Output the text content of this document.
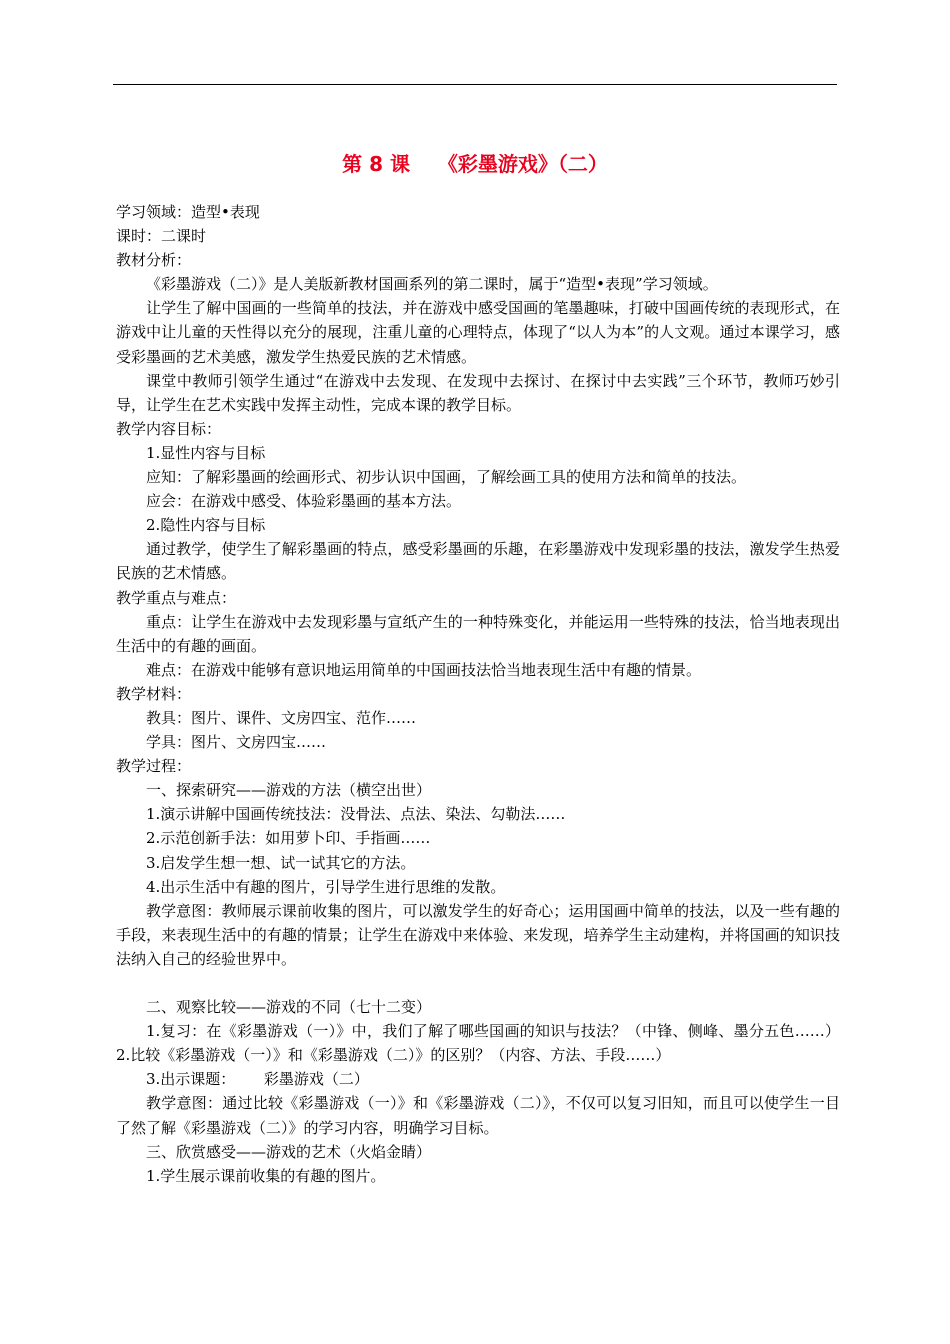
第 8 课    《彩墨游戏》（二）

学习领域：造型•表现

课时：二课时

教材分析：

《彩墨游戏（二）》是人美版新教材国画系列的第二课时，属于“造型•表现”学习领域。

让学生了解中国画的一些简单的技法，并在游戏中感受国画的笔墨趣味，打破中国画传统的表现形式，在游戏中让儿童的天性得以充分的展现，注重儿童的心理特点，体现了“以人为本”的人文观。通过本课学习，感受彩墨画的艺术美感，激发学生热爱民族的艺术情感。

课堂中教师引领学生通过“在游戏中去发现、在发现中去探讨、在探讨中去实践”三个环节，教师巧妙引导，让学生在艺术实践中发挥主动性，完成本课的教学目标。

教学内容目标：

1.显性内容与目标

应知：了解彩墨画的绘画形式、初步认识中国画，了解绘画工具的使用方法和简单的技法。

应会：在游戏中感受、体验彩墨画的基本方法。

2.隐性内容与目标

通过教学，使学生了解彩墨画的特点，感受彩墨画的乐趣，在彩墨游戏中发现彩墨的技法，激发学生热爱民族的艺术情感。

教学重点与难点：

重点：让学生在游戏中去发现彩墨与宣纸产生的一种特殊变化，并能运用一些特殊的技法，恰当地表现出生活中的有趣的画面。

难点：在游戏中能够有意识地运用简单的中国画技法恰当地表现生活中有趣的情景。

教学材料：

教具：图片、课件、文房四宝、范作……

学具：图片、文房四宝……

教学过程：

一、探索研究——游戏的方法（横空出世）

1.演示讲解中国画传统技法：没骨法、点法、染法、勾勒法……

2.示范创新手法：如用萝卜印、手指画……

3.启发学生想一想、试一试其它的方法。

4.出示生活中有趣的图片，引导学生进行思维的发散。

教学意图：教师展示课前收集的图片，可以激发学生的好奇心；运用国画中简单的技法，以及一些有趣的手段，来表现生活中的有趣的情景；让学生在游戏中来体验、来发现，培养学生主动建构，并将国画的知识技法纳入自己的经验世界中。

二、观察比较——游戏的不同（七十二变）

1.复习：在《彩墨游戏（一）》中，我们了解了哪些国画的知识与技法？（中锋、侧峰、墨分五色……）2.比较《彩墨游戏（一）》和《彩墨游戏（二）》的区别？（内容、方法、手段……）

3.出示课题：      彩墨游戏（二）

教学意图：通过比较《彩墨游戏（一）》和《彩墨游戏（二）》，不仅可以复习旧知，而且可以使学生一目了然了解《彩墨游戏（二）》的学习内容，明确学习目标。

三、欣赏感受——游戏的艺术（火焰金睛）

1.学生展示课前收集的有趣的图片。
